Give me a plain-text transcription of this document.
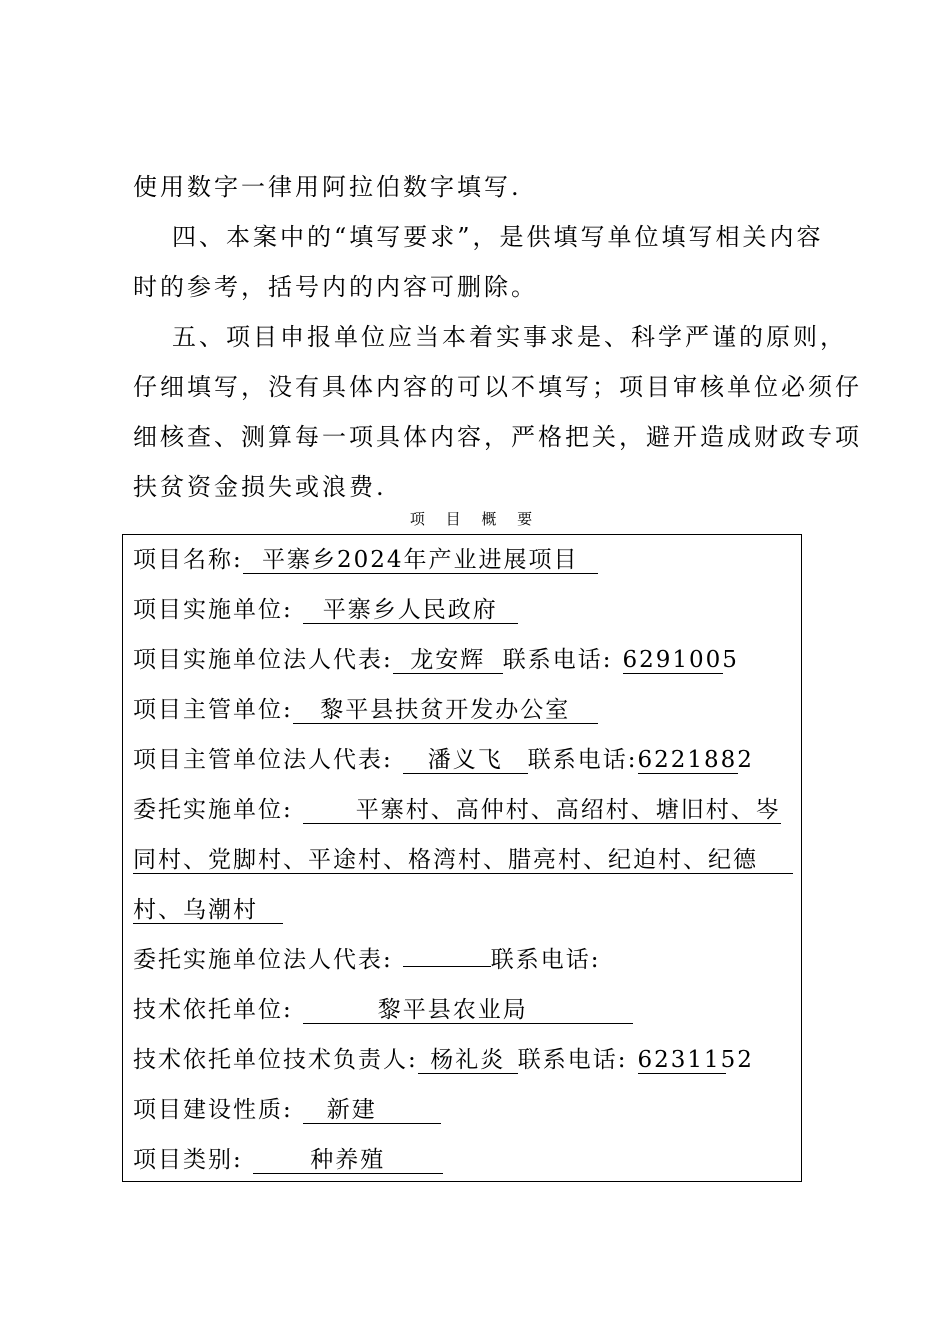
使用数字一律用阿拉伯数字填写.

四、本案中的“填写要求”，是供填写单位填写相关内容

时的参考，括号内的内容可删除。

五、项目申报单位应当本着实事求是、科学严谨的原则，

仔细填写，没有具体内容的可以不填写；项目审核单位必须仔

细核查、测算每一项具体内容，严格把关，避开造成财政专项

扶贫资金损失或浪费.

项 目 概 要
项目名称: 平寨乡2024年产业进展项目
项目实施单位: 平寨乡人民政府
项目实施单位法人代表: 龙安辉 联系电话: 6291005
项目主管单位: 黎平县扶贫开发办公室
项目主管单位法人代表: 潘义飞 联系电话:6221882
委托实施单位:	平寨村、高仲村、高绍村、塘旧村、岑
同村、党脚村、平途村、格湾村、腊亮村、纪迫村、纪德
村、乌潮村
委托实施单位法人代表:	联系电话:
技术依托单位:	黎平县农业局
技术依托单位技术负责人: 杨礼炎 联系电话: 6231152
项目建设性质: 新建
项目类别:	种养殖
